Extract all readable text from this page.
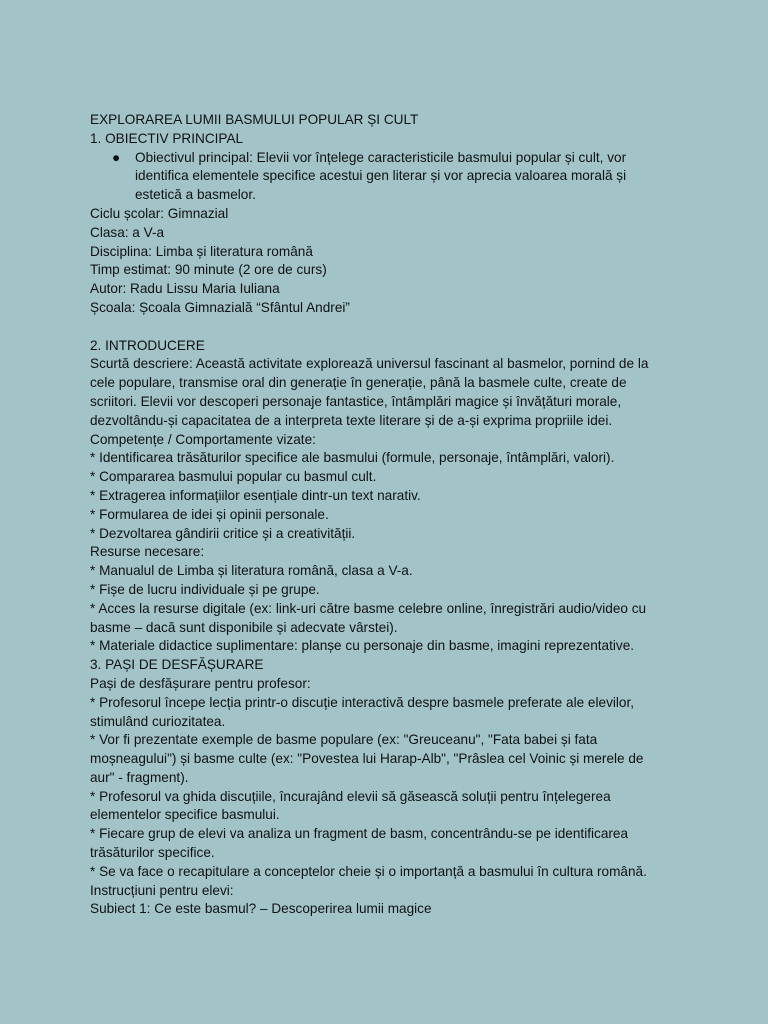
EXPLORAREA LUMII BASMULUI POPULAR ȘI CULT
1. OBIECTIV PRINCIPAL
● Obiectivul principal: Elevii vor înțelege caracteristicile basmului popular și cult, vor
identifica elementele specifice acestui gen literar și vor aprecia valoarea morală și
estetică a basmelor.
Ciclu școlar: Gimnazial
Clasa: a V-a
Disciplina: Limba și literatura română
Timp estimat: 90 minute (2 ore de curs)
Autor: Radu Lissu Maria Iuliana
Școala: Școala Gimnazială “Sfântul Andrei”
2. INTRODUCERE
Scurtă descriere: Această activitate explorează universul fascinant al basmelor, pornind de la
cele populare, transmise oral din generație în generație, până la basmele culte, create de
scriitori. Elevii vor descoperi personaje fantastice, întâmplări magice și învățături morale,
dezvoltându-și capacitatea de a interpreta texte literare și de a-și exprima propriile idei.
Competențe / Comportamente vizate:
* Identificarea trăsăturilor specifice ale basmului (formule, personaje, întâmplări, valori).
* Compararea basmului popular cu basmul cult.
* Extragerea informațiilor esențiale dintr-un text narativ.
* Formularea de idei și opinii personale.
* Dezvoltarea gândirii critice și a creativității.
Resurse necesare:
* Manualul de Limba și literatura română, clasa a V-a.
* Fișe de lucru individuale și pe grupe.
* Acces la resurse digitale (ex: link-uri către basme celebre online, înregistrări audio/video cu
basme – dacă sunt disponibile și adecvate vârstei).
* Materiale didactice suplimentare: planșe cu personaje din basme, imagini reprezentative.
3. PAȘI DE DESFĂȘURARE
Pași de desfășurare pentru profesor:
* Profesorul începe lecția printr-o discuție interactivă despre basmele preferate ale elevilor,
stimulând curiozitatea.
* Vor fi prezentate exemple de basme populare (ex: "Greuceanu", "Fata babei și fata
moșneagului") și basme culte (ex: "Povestea lui Harap-Alb", "Prâslea cel Voinic și merele de
aur" - fragment).
* Profesorul va ghida discuțiile, încurajând elevii să găsească soluții pentru înțelegerea
elementelor specifice basmului.
* Fiecare grup de elevi va analiza un fragment de basm, concentrându-se pe identificarea
trăsăturilor specifice.
* Se va face o recapitulare a conceptelor cheie și o importanță a basmului în cultura română.
Instrucțiuni pentru elevi:
Subiect 1: Ce este basmul? – Descoperirea lumii magice
